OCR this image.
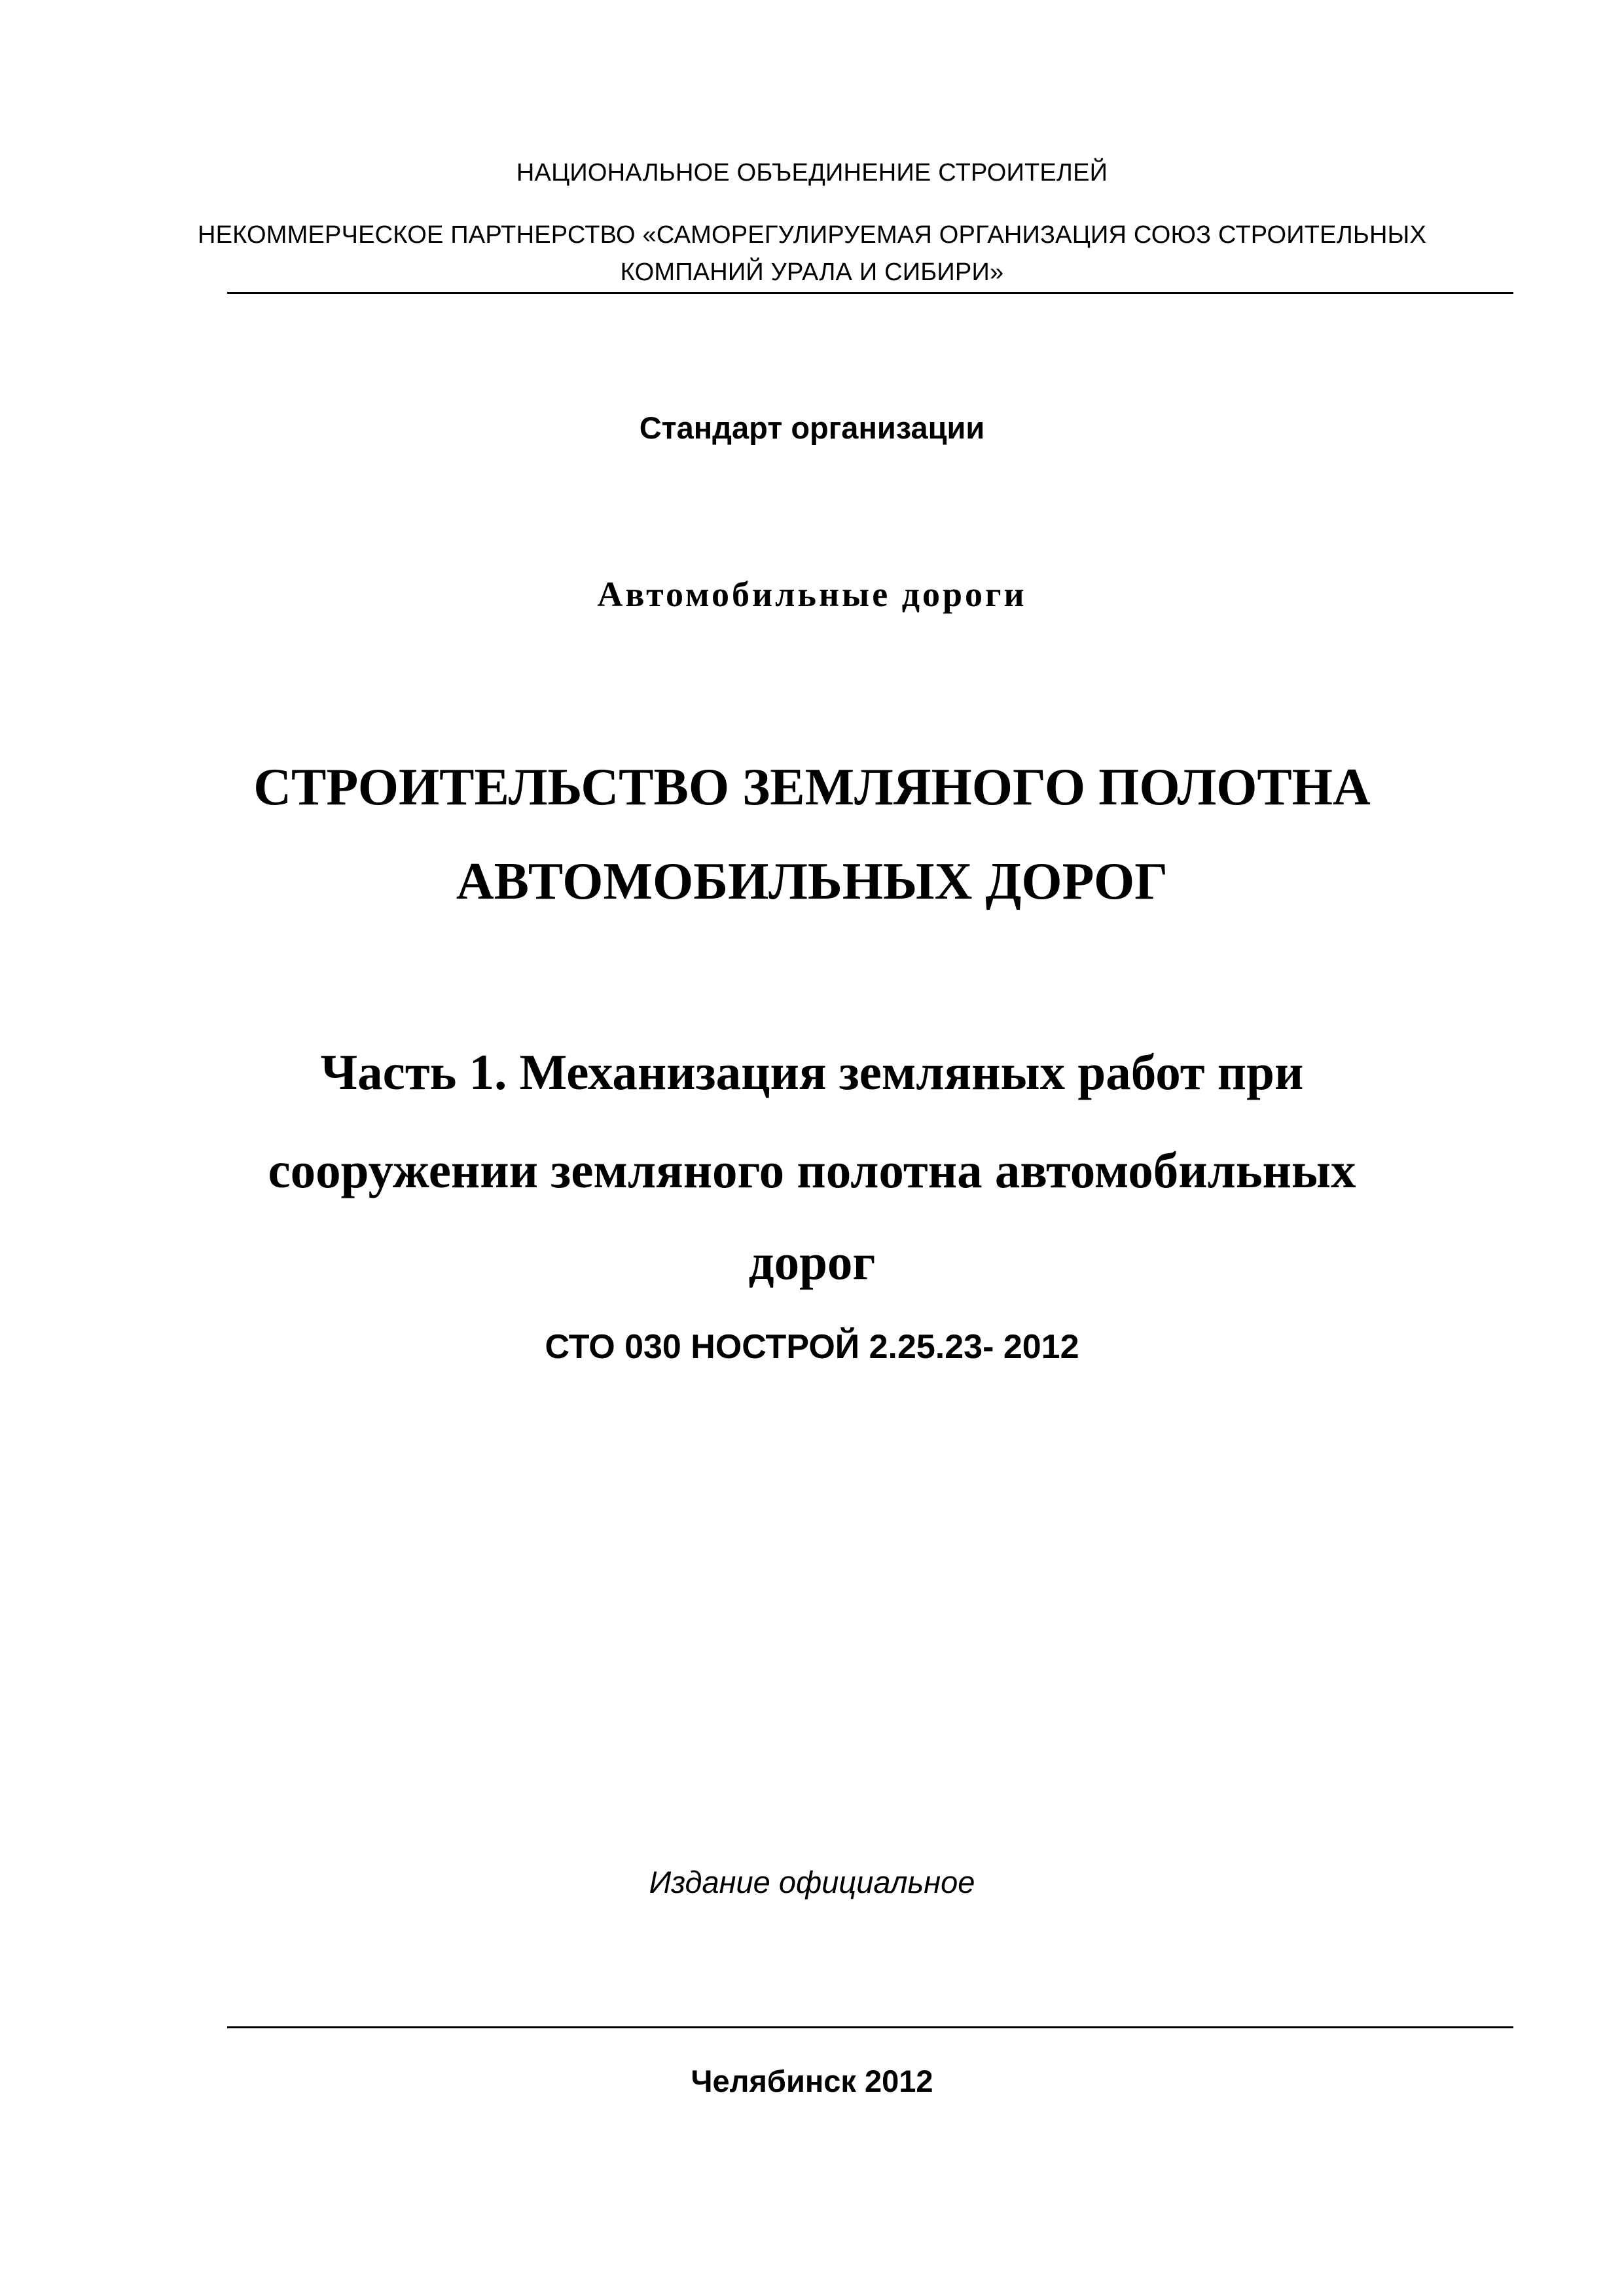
НАЦИОНАЛЬНОЕ ОБЪЕДИНЕНИЕ СТРОИТЕЛЕЙ
НЕКОММЕРЧЕСКОЕ ПАРТНЕРСТВО «САМОРЕГУЛИРУЕМАЯ ОРГАНИЗАЦИЯ СОЮЗ СТРОИТЕЛЬНЫХ
КОМПАНИЙ УРАЛА И СИБИРИ»
Стандарт организации
Автомобильные дороги
СТРОИТЕЛЬСТВО ЗЕМЛЯНОГО ПОЛОТНА
АВТОМОБИЛЬНЫХ ДОРОГ
Часть 1. Механизация земляных работ при
сооружении земляного полотна автомобильных
дорог
СТО 030 НОСТРОЙ 2.25.23- 2012
Издание официальное
Челябинск 2012
